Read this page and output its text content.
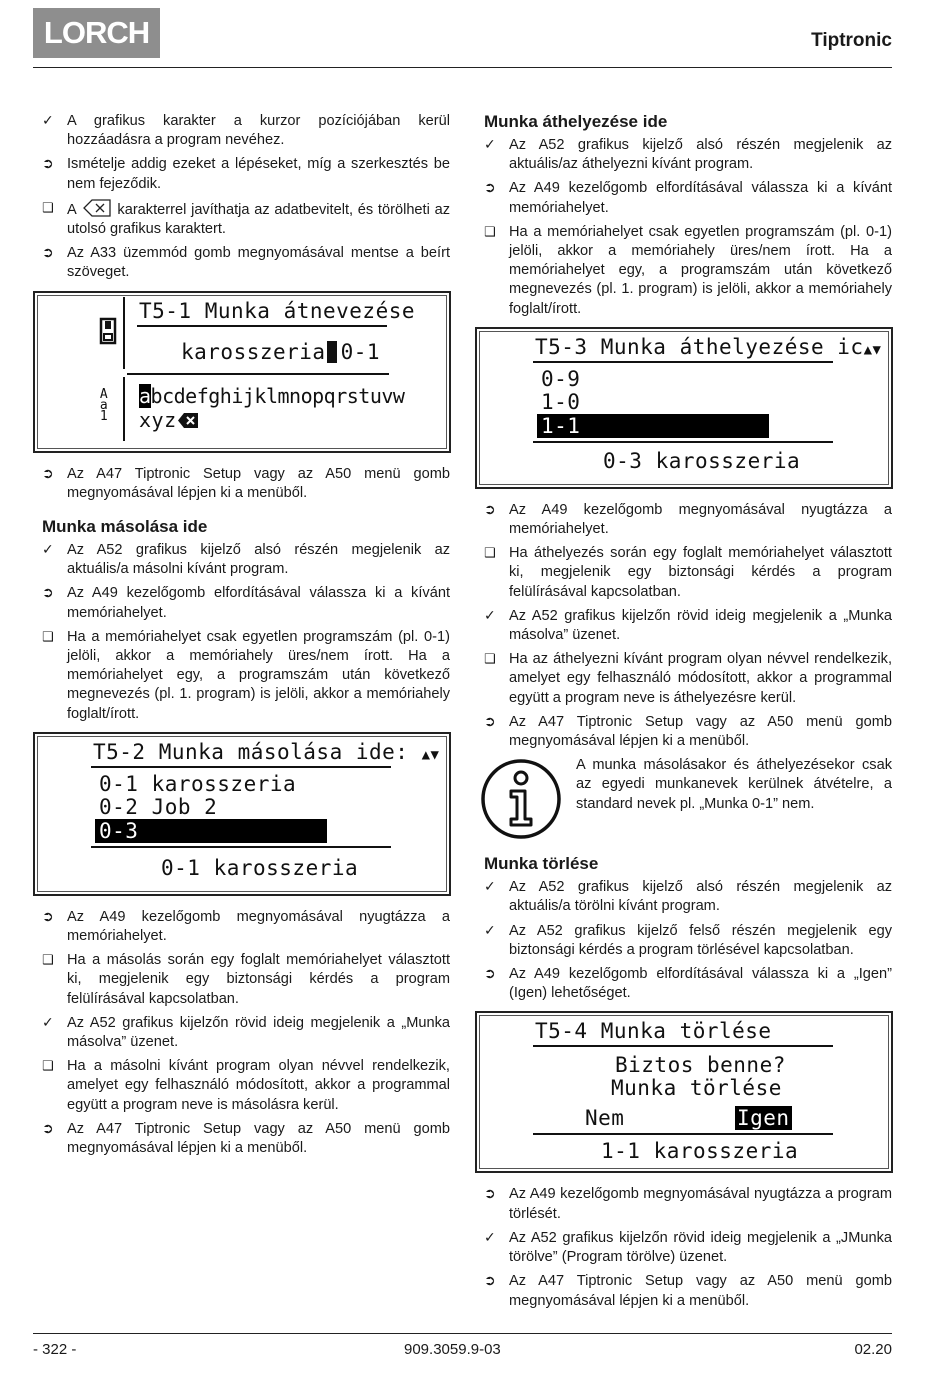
LORCH	Tiptronic
✓ A grafikus karakter a kurzor pozíciójában kerül hozzáadásra a program nevéhez.
➲ Ismételje addig ezeket a lépéseket, míg a szerkesztés be nem fejeződik.
❑ A	karakterrel javíthatja az adatbevitelt, és törölheti az utolsó grafikus karaktert.
➲ Az A33 üzemmód gomb megnyomásával mentse a beírt szöveget.
T5-1 Munka átnevezése
karosszeria 0-1
A a 1
abcdefghijklmnopqrstuvw
xyz
➲ Az A47 Tiptronic Setup vagy az A50 menü gomb megnyomásával lépjen ki a menüből.
Munka másolása ide
✓ Az A52 grafikus kijelző alsó részén megjelenik az aktuális/a másolni kívánt program.
➲ Az A49 kezelőgomb elfordításával válassza ki a kívánt memóriahelyet.
❑ Ha a memóriahelyet csak egyetlen programszám (pl. 0-1) jelöli, akkor a memóriahely üres/nem írott. Ha a memóriahelyet egy, a programszám után következő megnevezés (pl. 1. program) is jelöli, akkor a memóriahely foglalt/írott.
T5-2 Munka másolása ide: ▲▼
0-1 karosszeria
0-2 Job 2
0-3
0-1 karosszeria
➲ Az A49 kezelőgomb megnyomásával nyugtázza a memóriahelyet.
❑ Ha a másolás során egy foglalt memóriahelyet választott ki, megjelenik egy biztonsági kérdés a program felülírásával kapcsolatban.
✓ Az A52 grafikus kijelzőn rövid ideig megjelenik a „Munka másolva” üzenet.
❑ Ha a másolni kívánt program olyan névvel rendelkezik, amelyet egy felhasználó módosított, akkor a programmal együtt a program neve is másolásra kerül.
➲ Az A47 Tiptronic Setup vagy az A50 menü gomb megnyomásával lépjen ki a menüből.
Munka áthelyezése ide
✓ Az A52 grafikus kijelző alsó részén megjelenik az aktuális/az áthelyezni kívánt program.
➲ Az A49 kezelőgomb elfordításával válassza ki a kívánt memóriahelyet.
❑ Ha a memóriahelyet csak egyetlen programszám (pl. 0-1) jelöli, akkor a memóriahely üres/nem írott. Ha a memóriahelyet egy, a programszám után következő megnevezés (pl. 1. program) is jelöli, akkor a memóriahely foglalt/írott.
T5-3 Munka áthelyezése ic▲▼
0-9
1-0
1-1
0-3 karosszeria
➲ Az A49 kezelőgomb megnyomásával nyugtázza a memóriahelyet.
❑ Ha áthelyezés során egy foglalt memóriahelyet választott ki, megjelenik egy biztonsági kérdés a program felülírásával kapcsolatban.
✓ Az A52 grafikus kijelzőn rövid ideig megjelenik a „Munka másolva” üzenet.
❑ Ha az áthelyezni kívánt program olyan névvel rendelkezik, amelyet egy felhasználó módosított, akkor a programmal együtt a program neve is áthelyezésre kerül.
➲ Az A47 Tiptronic Setup vagy az A50 menü gomb megnyomásával lépjen ki a menüből.
A munka másolásakor és áthelyezésekor csak az egyedi munkanevek kerülnek átvételre, a standard nevek pl. „Munka 0-1” nem.
Munka törlése
✓ Az A52 grafikus kijelző alsó részén megjelenik az aktuális/a törölni kívánt program.
✓ Az A52 grafikus kijelző felső részén megjelenik egy biztonsági kérdés a program törlésével kapcsolatban.
➲ Az A49 kezelőgomb elfordításával válassza ki a „Igen” (Igen) lehetőséget.
T5-4 Munka törlése
Biztos benne?
Munka törlése
Nem	Igen
1-1 karosszeria
➲ Az A49 kezelőgomb megnyomásával nyugtázza a program törlését.
✓ Az A52 grafikus kijelzőn rövid ideig megjelenik a „JMunka törölve” (Program törölve) üzenet.
➲ Az A47 Tiptronic Setup vagy az A50 menü gomb megnyomásával lépjen ki a menüből.
- 322 -	909.3059.9-03	02.20
